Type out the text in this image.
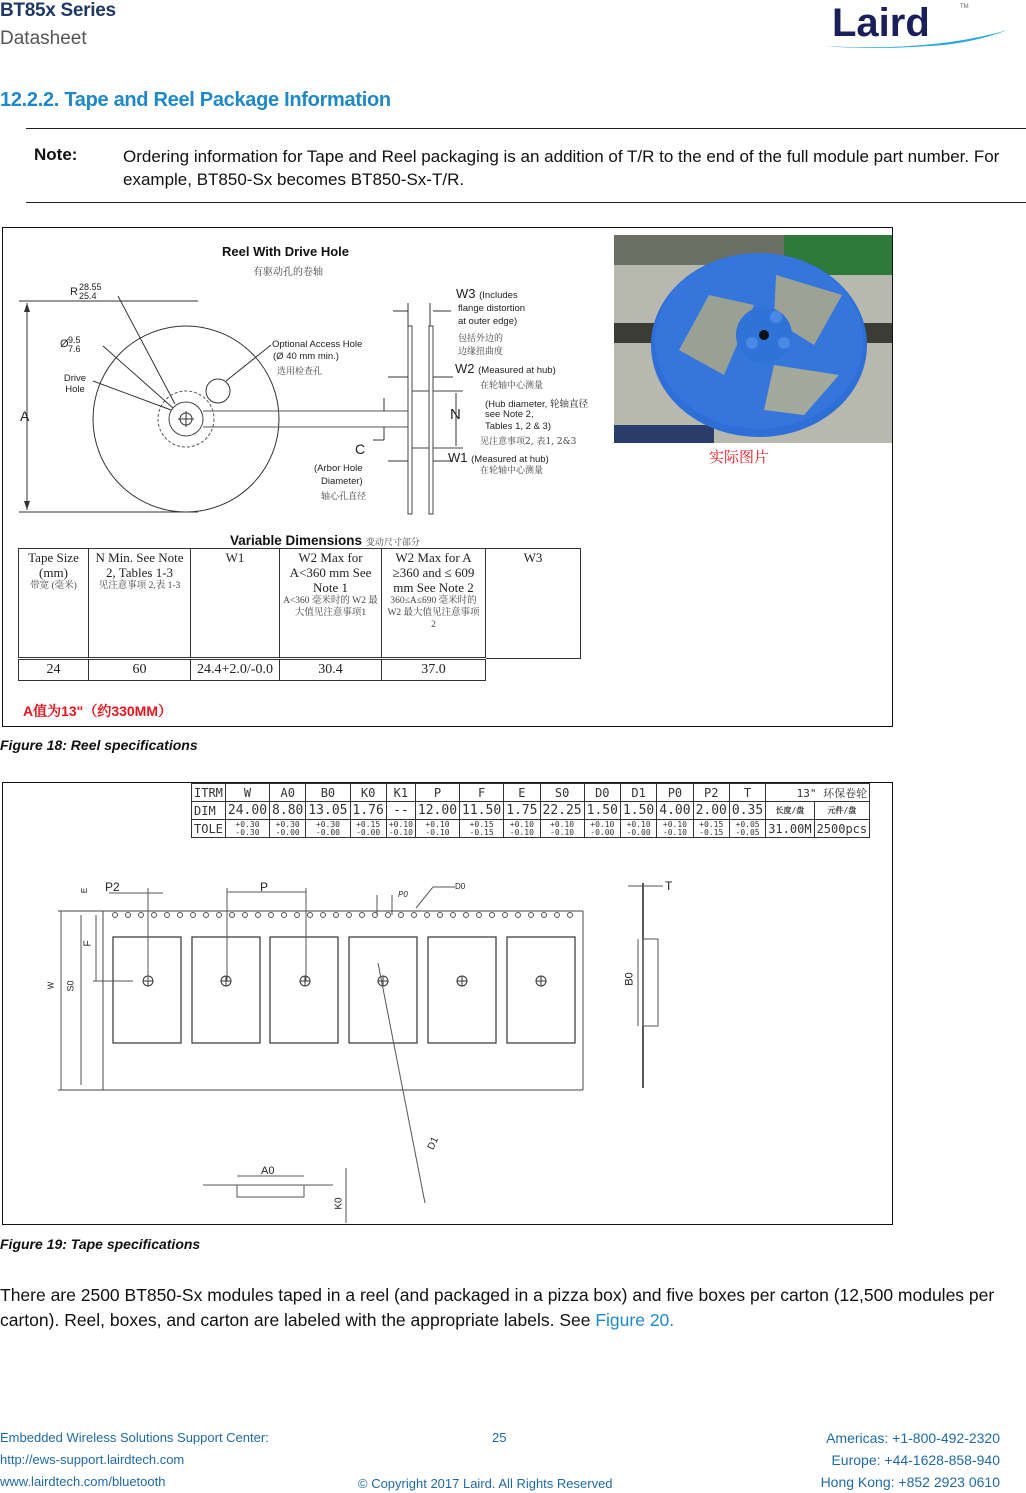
BT85x Series
Datasheet	Laird	TM
12.2.2. Tape and Reel Package Information
Note:	Ordering information for Tape and Reel packaging is an addition of T/R to the end of the full module part number. For example, BT850-Sx becomes BT850-Sx-T/R.
Reel With Drive Hole
有驱动孔的卷轴
R 28.55
25.4
Ø 9.5
7.6
Drive Hole
Optional Access Hole
(Ø 40 mm min.)
选用检查孔
A
C
(Arbor Hole
Diameter)
轴心孔直径
W3 (Includes
flange distortion
at outer edge)
包括外边的
边缘扭曲度
W2 (Measured at hub)
在轮轴中心测量
N
(Hub diameter, 轮轴直径
see Note 2,
Tables 1, 2 & 3)
见注意事项2, 表1, 2&3
W1 (Measured at hub)
在轮轴中心测量
实际图片
Variable Dimensions 变动尺寸部分
Tape Size (mm)
带宽 (毫米)	N Min. See Note 2, Tables 1-3
见注意事项 2,表 1-3	W1	W2 Max for A<360 mm See Note 1
A<360 毫米时的 W2 最大值见注意事项1	W2 Max for A ≥360 and ≤ 609 mm See Note 2
360≤A≤690 毫米时的 W2 最大值见注意事项 2	W3
24	60	24.4+2.0/-0.0	30.4	37.0	
A值为13"（约330MM）
Figure 18: Reel specifications
ITRM	W	A0	B0	K0	K1	P	F	E	S0	D0	D1	P0	P2	T	13" 环保卷轮	
DIM	24.00	8.80	13.05	1.76	--	12.00	11.50	1.75	22.25	1.50	1.50	4.00	2.00	0.35	长度/盘	元件/盘
TOLE	+0.30
-0.30	+0.30
-0.00	+0.30
-0.00	+0.15
-0.00	+0.10
-0.10	+0.10
-0.10	+0.15
-0.15	+0.10
-0.10	+0.10
-0.10	+0.10
-0.00	+0.10
-0.00	+0.10
-0.10	+0.15
-0.15	+0.05
-0.05	31.00M	2500pcs
P2	P
P0
D0	T
B0
E
F
S0
W
A0
K0
D1
Figure 19: Tape specifications
There are 2500 BT850-Sx modules taped in a reel (and packaged in a pizza box) and five boxes per carton (12,500 modules per carton). Reel, boxes, and carton are labeled with the appropriate labels. See Figure 20.
Embedded Wireless Solutions Support Center:
http://ews-support.lairdtech.com
www.lairdtech.com/bluetooth
25
© Copyright 2017 Laird. All Rights Reserved
Americas: +1-800-492-2320
Europe: +44-1628-858-940
Hong Kong: +852 2923 0610
